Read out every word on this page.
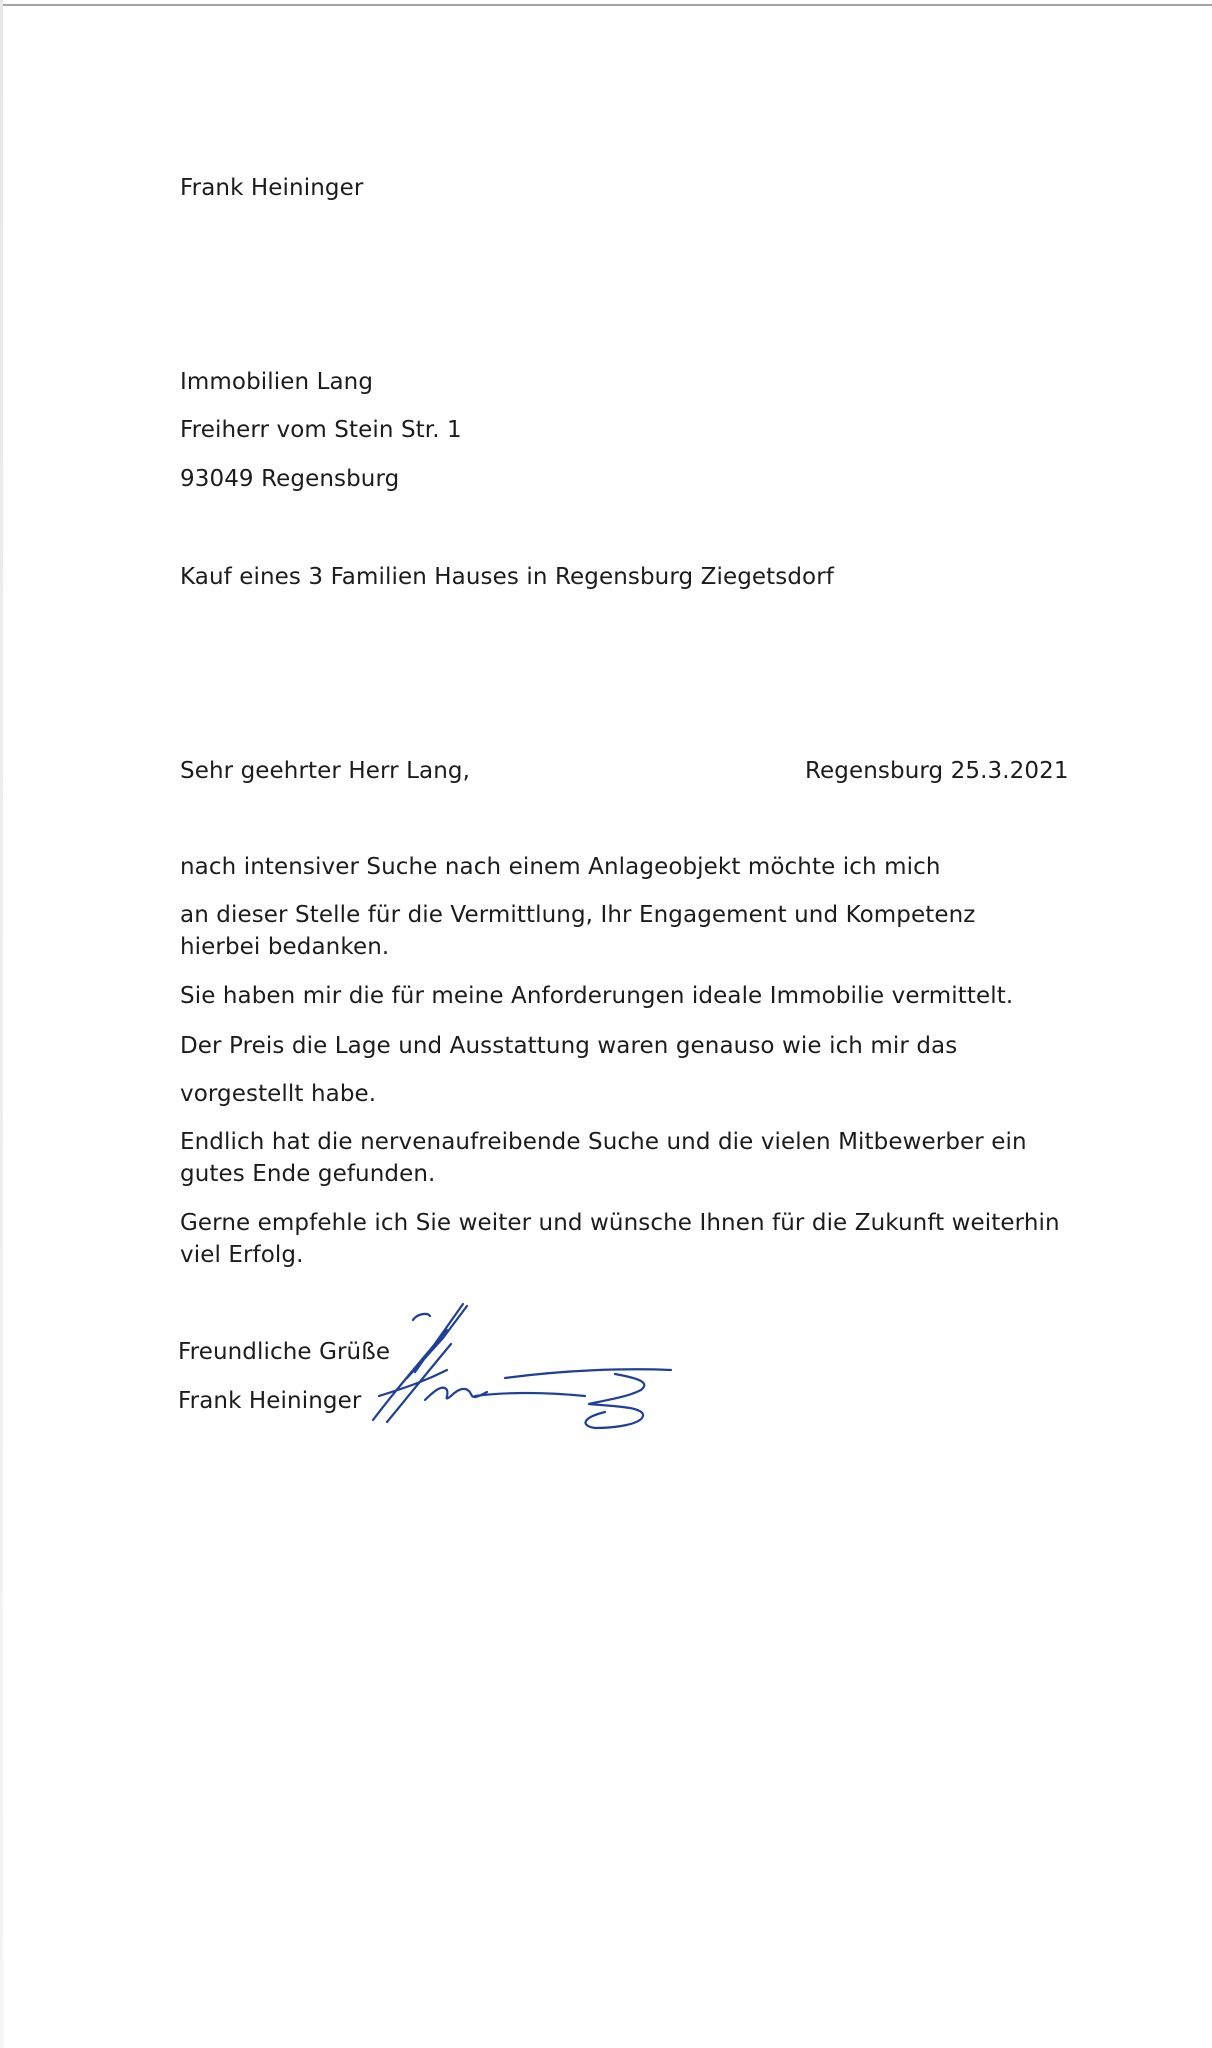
Frank Heininger
Immobilien Lang
Freiherr vom Stein Str. 1
93049 Regensburg
Kauf eines 3 Familien Hauses in Regensburg Ziegetsdorf
Sehr geehrter Herr Lang,	Regensburg 25.3.2021
nach intensiver Suche nach einem Anlageobjekt möchte ich mich
an dieser Stelle für die Vermittlung, Ihr Engagement und Kompetenz hierbei bedanken.
Sie haben mir die für meine Anforderungen ideale Immobilie vermittelt.
Der Preis die Lage und Ausstattung waren genauso wie ich mir das
vorgestellt habe.
Endlich hat die nervenaufreibende Suche und die vielen Mitbewerber ein gutes Ende gefunden.
Gerne empfehle ich Sie weiter und wünsche Ihnen für die Zukunft weiterhin viel Erfolg.
Freundliche Grüße
Frank Heininger
